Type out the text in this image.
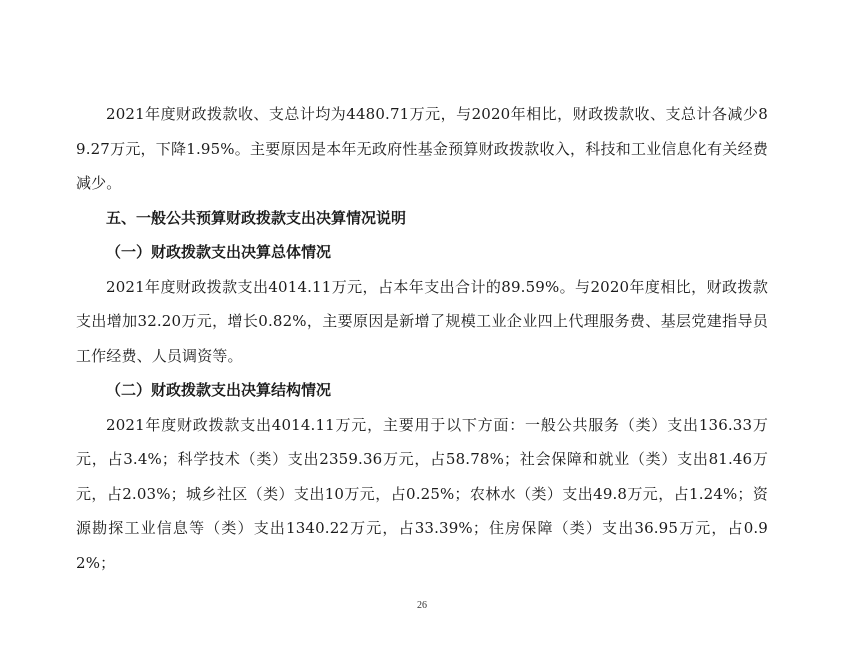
2021年度财政拨款收、支总计均为4480.71万元，与2020年相比，财政拨款收、支总计各减少89.27万元，下降1.95%。主要原因是本年无政府性基金预算财政拨款收入，科技和工业信息化有关经费减少。

五、一般公共预算财政拨款支出决算情况说明

（一）财政拨款支出决算总体情况

2021年度财政拨款支出4014.11万元，占本年支出合计的89.59%。与2020年度相比，财政拨款支出增加32.20万元，增长0.82%，主要原因是新增了规模工业企业四上代理服务费、基层党建指导员工作经费、人员调资等。

（二）财政拨款支出决算结构情况

2021年度财政拨款支出4014.11万元，主要用于以下方面：一般公共服务（类）支出136.33万元，占3.4%；科学技术（类）支出2359.36万元，占58.78%；社会保障和就业（类）支出81.46万元，占2.03%；城乡社区（类）支出10万元，占0.25%；农林水（类）支出49.8万元，占1.24%；资源勘探工业信息等（类）支出1340.22万元，占33.39%；住房保障（类）支出36.95万元，占0.92%；

26
